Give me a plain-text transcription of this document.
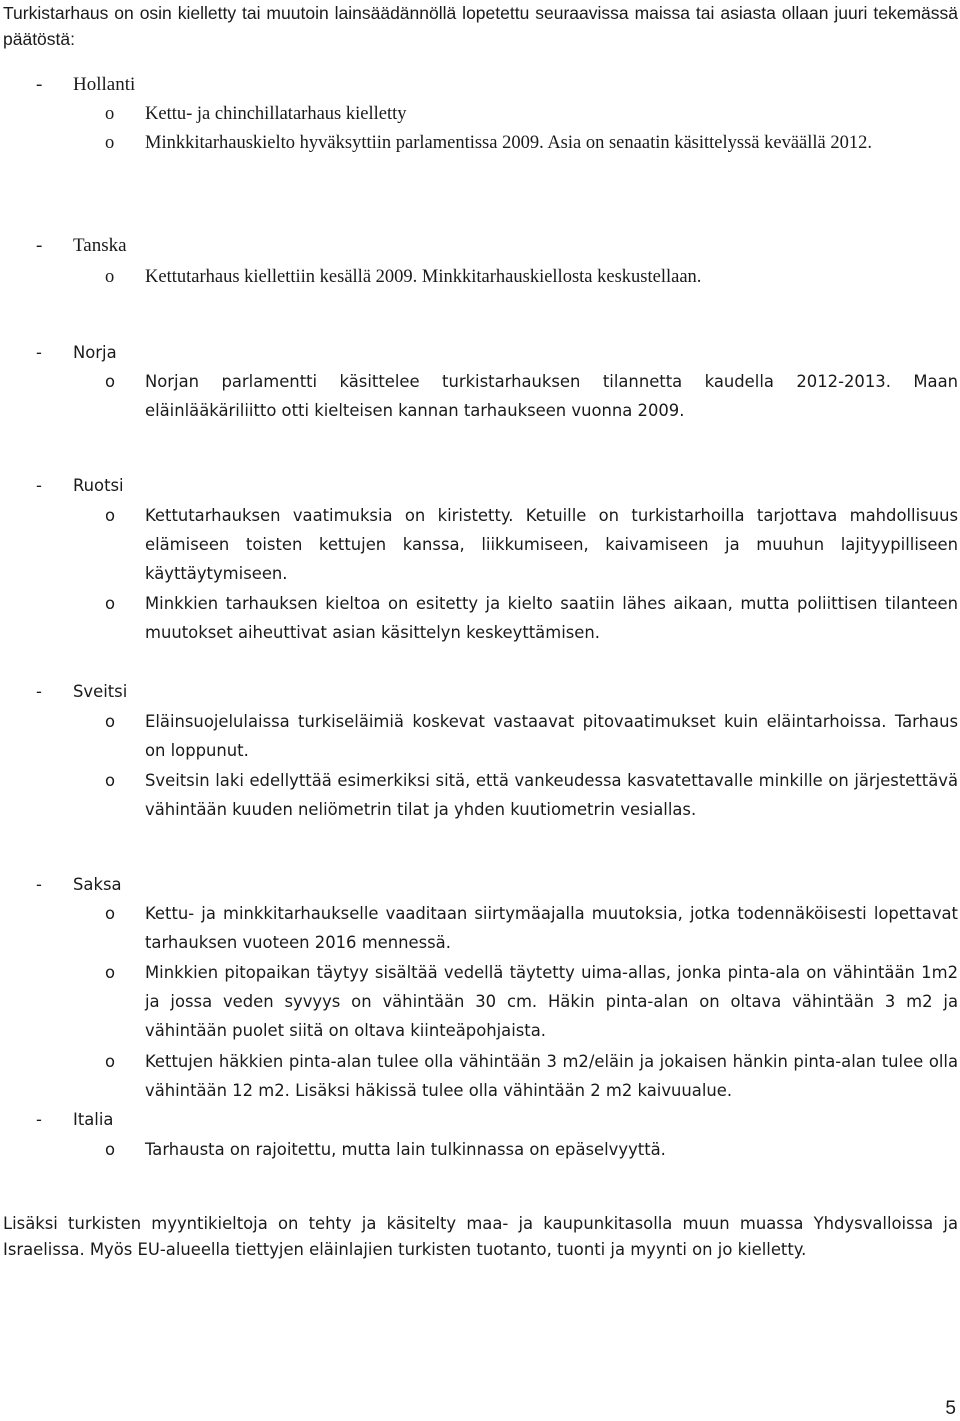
Turkistarhaus on osin kielletty tai muutoin lainsäädännöllä lopetettu seuraavissa maissa tai asiasta ollaan juuri tekemässä päätöstä:

- Hollanti
o Kettu- ja chinchillatarhaus kielletty
o Minkkitarhauskielto hyväksyttiin parlamentissa 2009. Asia on senaatin käsittelyssä keväällä 2012.
- Tanska
o Kettutarhaus kiellettiin kesällä 2009. Minkkitarhauskiellosta keskustellaan.
- Norja
o Norjan parlamentti käsittelee turkistarhauksen tilannetta kaudella 2012-2013. Maan eläinlääkäriliitto otti kielteisen kannan tarhaukseen vuonna 2009.
- Ruotsi
o Kettutarhauksen vaatimuksia on kiristetty. Ketuille on turkistarhoilla tarjottava mahdollisuus elämiseen toisten kettujen kanssa, liikkumiseen, kaivamiseen ja muuhun lajityypilliseen käyttäytymiseen.
o Minkkien tarhauksen kieltoa on esitetty ja kielto saatiin lähes aikaan, mutta poliittisen tilanteen muutokset aiheuttivat asian käsittelyn keskeyttämisen.
- Sveitsi
o Eläinsuojelulaissa turkiseläimiä koskevat vastaavat pitovaatimukset kuin eläintarhoissa. Tarhaus on loppunut.
o Sveitsin laki edellyttää esimerkiksi sitä, että vankeudessa kasvatettavalle minkille on järjestettävä vähintään kuuden neliömetrin tilat ja yhden kuutiometrin vesiallas.
- Saksa
o Kettu- ja minkkitarhaukselle vaaditaan siirtymäajalla muutoksia, jotka todennäköisesti lopettavat tarhauksen vuoteen 2016 mennessä.
o Minkkien pitopaikan täytyy sisältää vedellä täytetty uima-allas, jonka pinta-ala on vähintään 1m2 ja jossa veden syvyys on vähintään 30 cm. Häkin pinta-alan on oltava vähintään 3 m2 ja vähintään puolet siitä on oltava kiinteäpohjaista.
o Kettujen häkkien pinta-alan tulee olla vähintään 3 m2/eläin ja jokaisen hänkin pinta-alan tulee olla vähintään 12 m2. Lisäksi häkissä tulee olla vähintään 2 m2 kaivuualue.
- Italia
o Tarhausta on rajoitettu, mutta lain tulkinnassa on epäselvyyttä.

Lisäksi turkisten myyntikieltoja on tehty ja käsitelty maa- ja kaupunkitasolla muun muassa Yhdysvalloissa ja Israelissa. Myös EU-alueella tiettyjen eläinlajien turkisten tuotanto, tuonti ja myynti on jo kielletty.

5
